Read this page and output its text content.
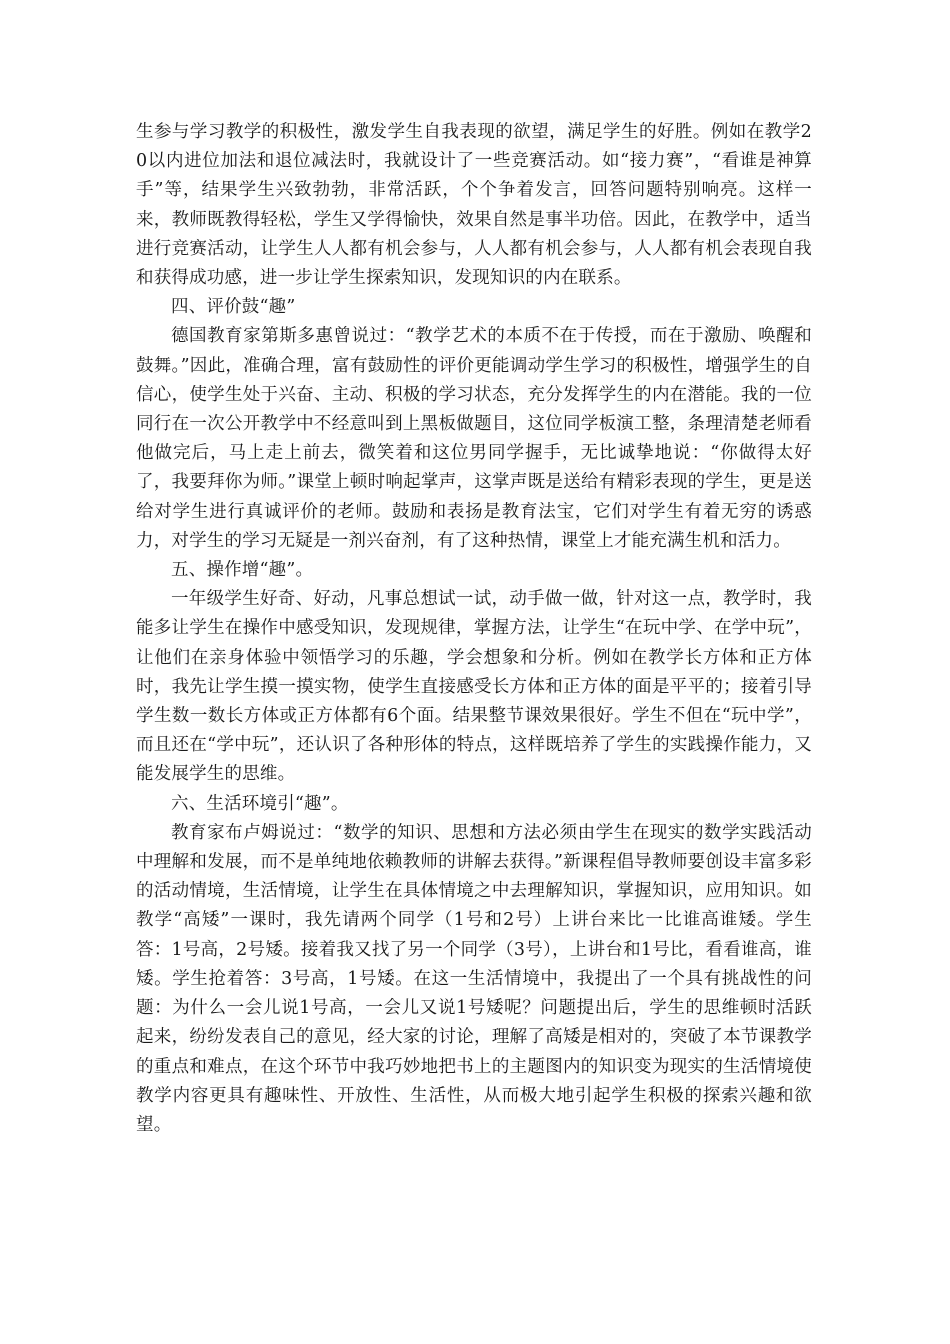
生参与学习教学的积极性，激发学生自我表现的欲望，满足学生的好胜。例如在教学20以内进位加法和退位减法时，我就设计了一些竞赛活动。如“接力赛”，“看谁是神算手”等，结果学生兴致勃勃，非常活跃，个个争着发言，回答问题特别响亮。这样一来，教师既教得轻松，学生又学得愉快，效果自然是事半功倍。因此，在教学中，适当进行竞赛活动，让学生人人都有机会参与，人人都有机会参与，人人都有机会表现自我和获得成功感，进一步让学生探索知识，发现知识的内在联系。

四、评价鼓“趣”

德国教育家第斯多惠曾说过：“教学艺术的本质不在于传授，而在于激励、唤醒和鼓舞。”因此，准确合理，富有鼓励性的评价更能调动学生学习的积极性，增强学生的自信心，使学生处于兴奋、主动、积极的学习状态，充分发挥学生的内在潜能。我的一位同行在一次公开教学中不经意叫到上黑板做题目，这位同学板演工整，条理清楚老师看他做完后，马上走上前去，微笑着和这位男同学握手，无比诚挚地说：“你做得太好了，我要拜你为师。”课堂上顿时响起掌声，这掌声既是送给有精彩表现的学生，更是送给对学生进行真诚评价的老师。鼓励和表扬是教育法宝，它们对学生有着无穷的诱惑力，对学生的学习无疑是一剂兴奋剂，有了这种热情，课堂上才能充满生机和活力。

五、操作增“趣”。

一年级学生好奇、好动，凡事总想试一试，动手做一做，针对这一点，教学时，我能多让学生在操作中感受知识，发现规律，掌握方法，让学生“在玩中学、在学中玩”，让他们在亲身体验中领悟学习的乐趣，学会想象和分析。例如在教学长方体和正方体时，我先让学生摸一摸实物，使学生直接感受长方体和正方体的面是平平的；接着引导学生数一数长方体或正方体都有6个面。结果整节课效果很好。学生不但在“玩中学”，而且还在“学中玩”，还认识了各种形体的特点，这样既培养了学生的实践操作能力，又能发展学生的思维。

六、生活环境引“趣”。

教育家布卢姆说过：“数学的知识、思想和方法必须由学生在现实的数学实践活动中理解和发展，而不是单纯地依赖教师的讲解去获得。”新课程倡导教师要创设丰富多彩的活动情境，生活情境，让学生在具体情境之中去理解知识，掌握知识，应用知识。如教学“高矮”一课时，我先请两个同学（1号和2号）上讲台来比一比谁高谁矮。学生答：1号高，2号矮。接着我又找了另一个同学（3号），上讲台和1号比，看看谁高，谁矮。学生抢着答：3号高，1号矮。在这一生活情境中，我提出了一个具有挑战性的问题：为什么一会儿说1号高，一会儿又说1号矮呢？问题提出后，学生的思维顿时活跃起来，纷纷发表自己的意见，经大家的讨论，理解了高矮是相对的，突破了本节课教学的重点和难点，在这个环节中我巧妙地把书上的主题图内的知识变为现实的生活情境使教学内容更具有趣味性、开放性、生活性，从而极大地引起学生积极的探索兴趣和欲望。
